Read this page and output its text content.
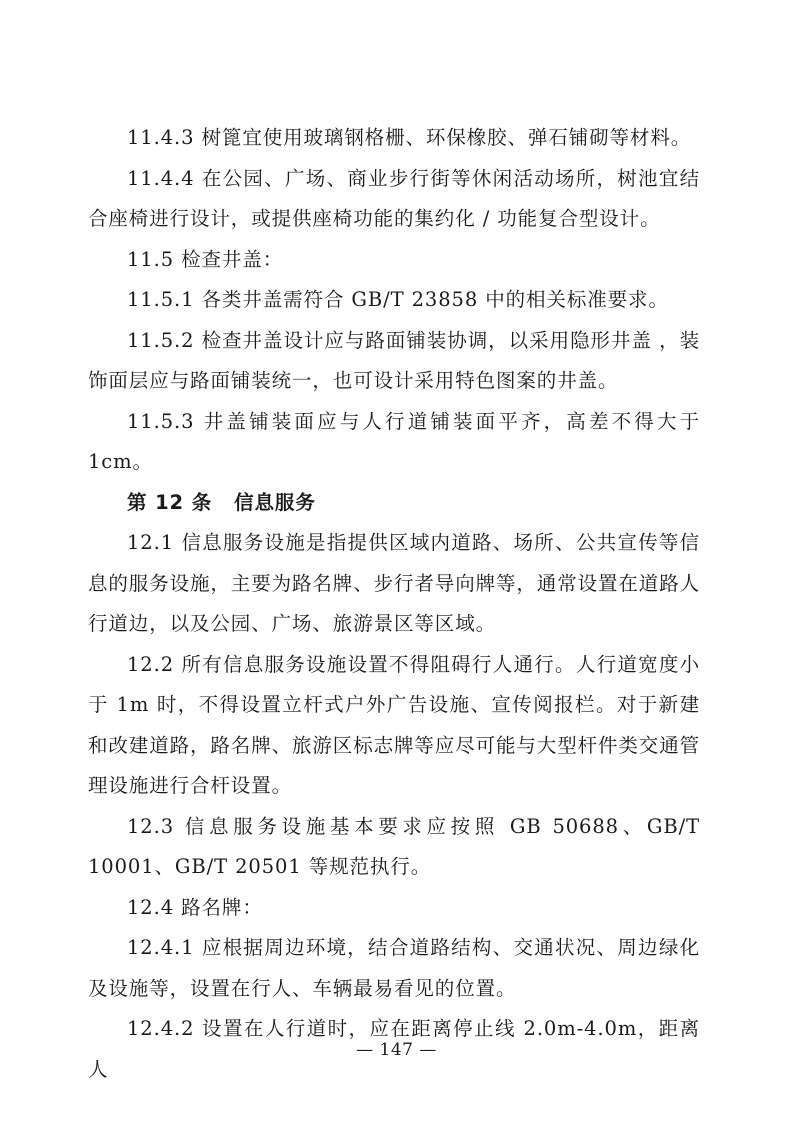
11.4.3 树篦宜使用玻璃钢格栅、环保橡胶、弹石铺砌等材料。

11.4.4 在公园、广场、商业步行街等休闲活动场所，树池宜结合座椅进行设计，或提供座椅功能的集约化 / 功能复合型设计。

11.5 检查井盖：

11.5.1 各类井盖需符合 GB/T 23858 中的相关标准要求。

11.5.2 检查井盖设计应与路面铺装协调，以采用隐形井盖 ，装饰面层应与路面铺装统一，也可设计采用特色图案的井盖。

11.5.3 井盖铺装面应与人行道铺装面平齐，高差不得大于1cm。

第 12 条 信息服务

12.1 信息服务设施是指提供区域内道路、场所、公共宣传等信息的服务设施，主要为路名牌、步行者导向牌等，通常设置在道路人行道边，以及公园、广场、旅游景区等区域。

12.2 所有信息服务设施设置不得阻碍行人通行。人行道宽度小于 1m 时，不得设置立杆式户外广告设施、宣传阅报栏。对于新建和改建道路，路名牌、旅游区标志牌等应尽可能与大型杆件类交通管理设施进行合杆设置。

12.3 信息服务设施基本要求应按照 GB 50688、GB/T 10001、GB/T 20501 等规范执行。

12.4 路名牌：

12.4.1 应根据周边环境，结合道路结构、交通状况、周边绿化及设施等，设置在行人、车辆最易看见的位置。

12.4.2 设置在人行道时，应在距离停止线 2.0m-4.0m，距离人

— 147 —
